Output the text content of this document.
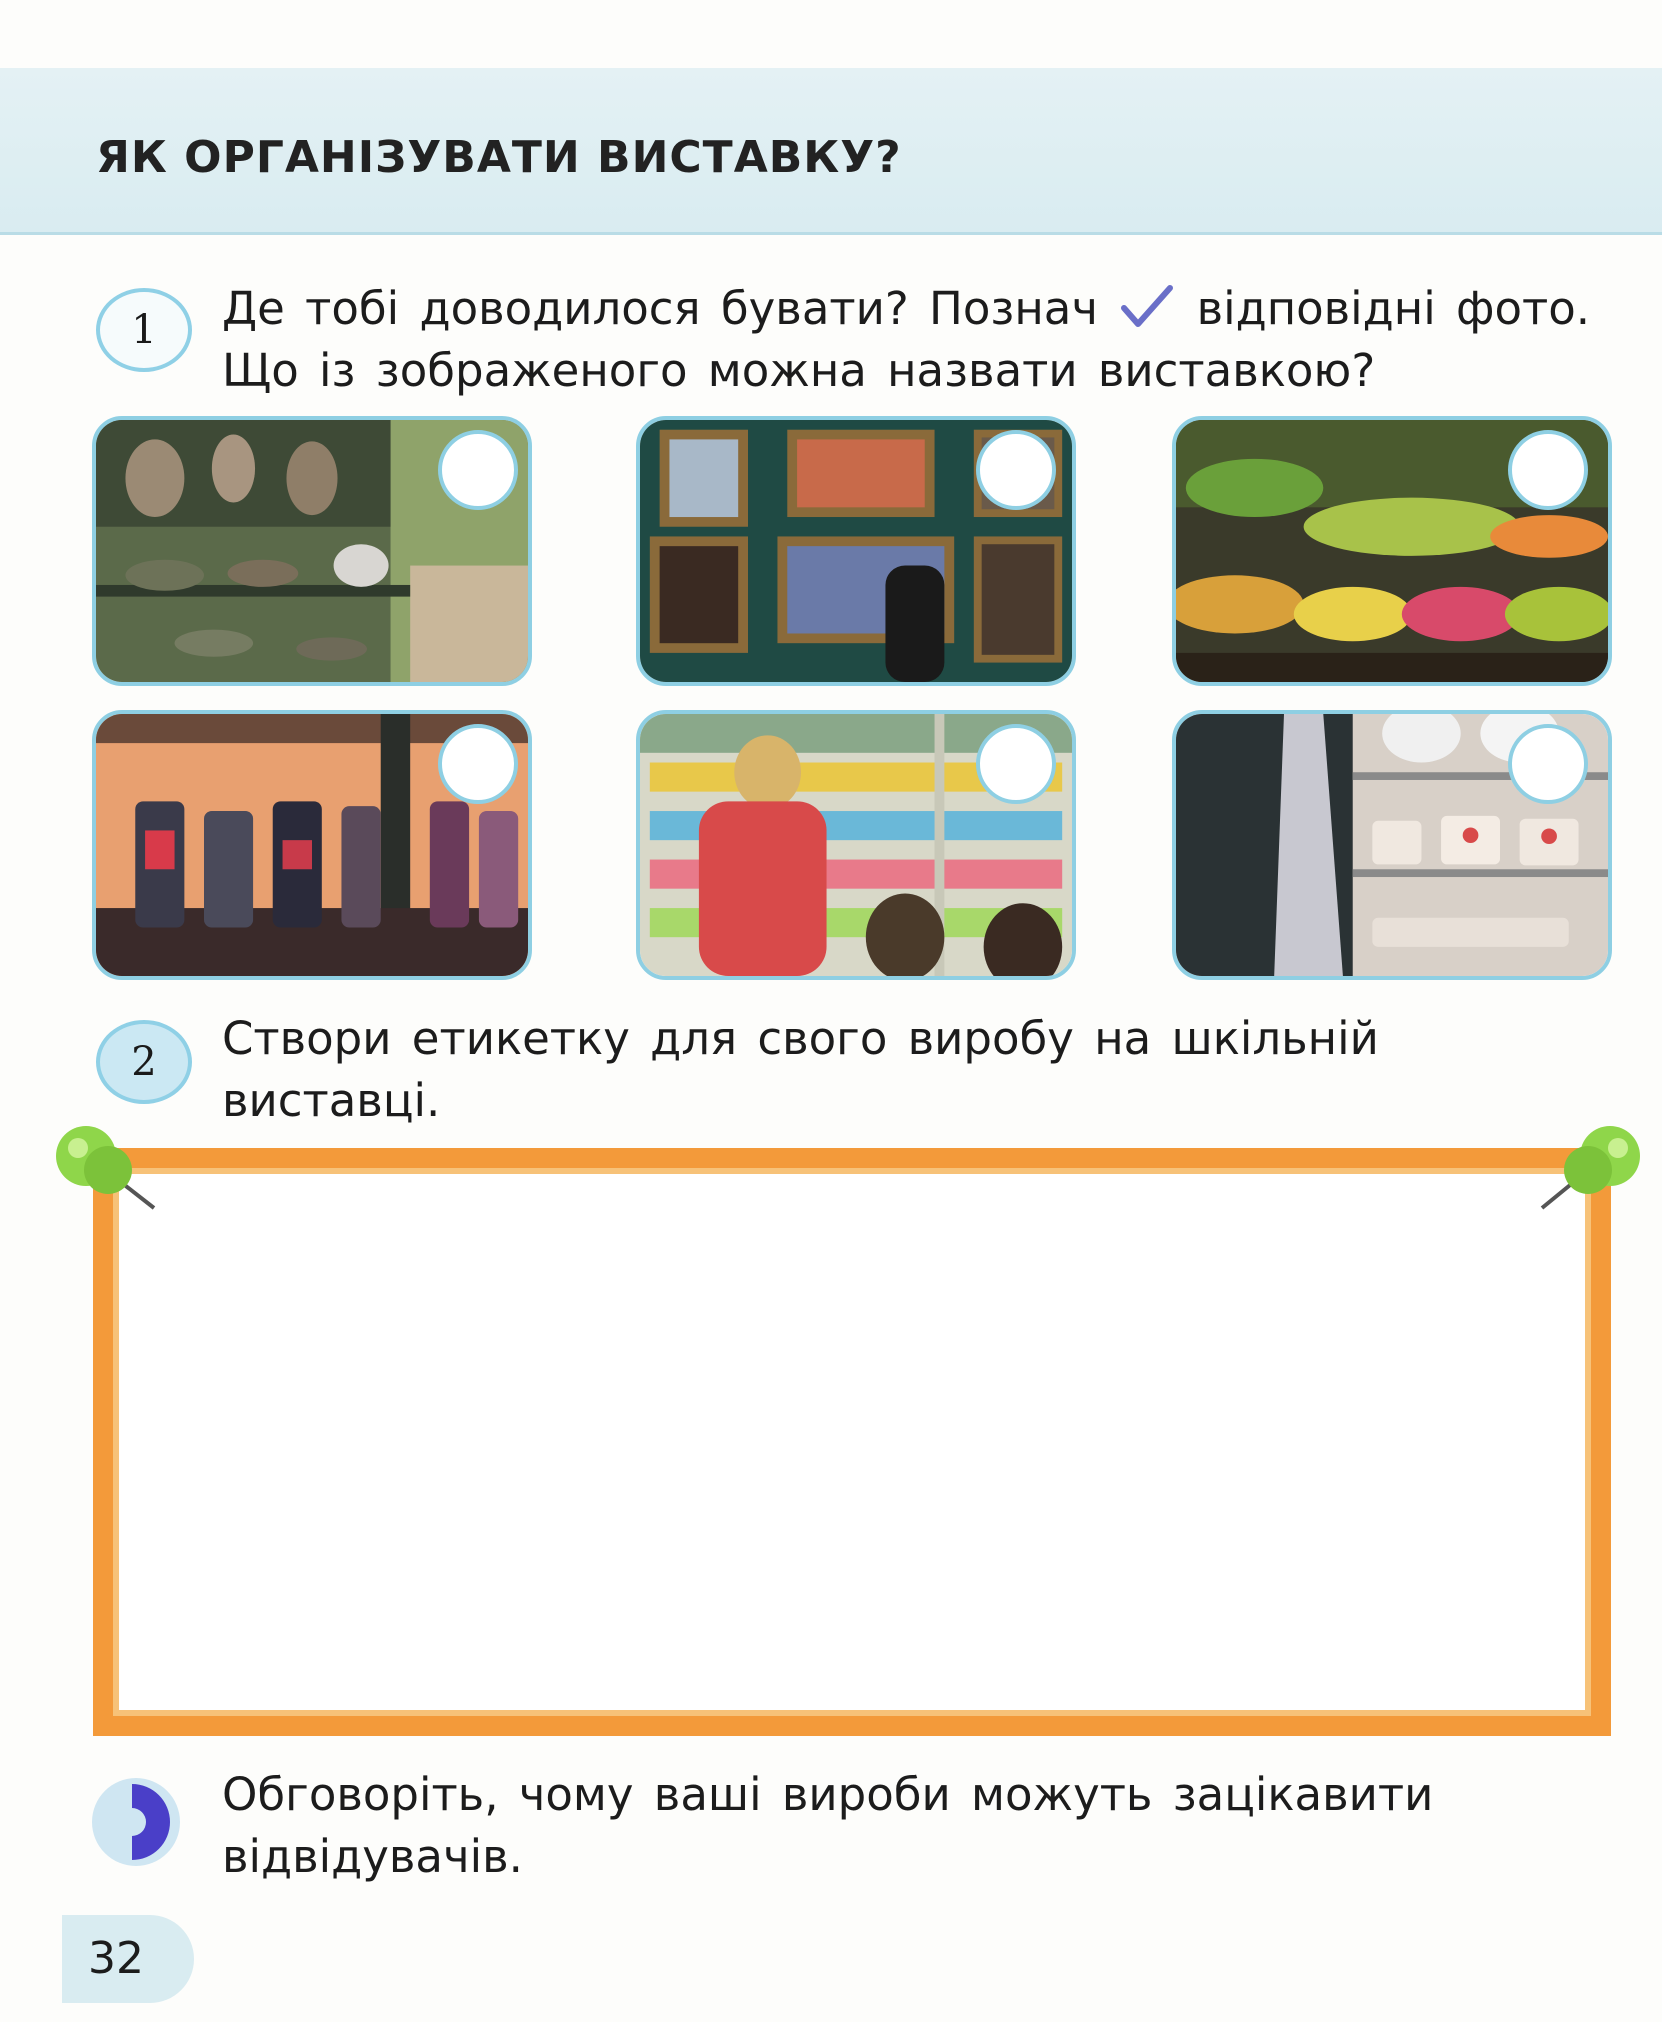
ЯК ОРГАНІЗУВАТИ ВИСТАВКУ?
1 Де тобі доводилося бувати? Познач відповідні фото.
Що із зображеного можна назвати виставкою?
2 Створи етикетку для свого виробу на шкільній
виставці.
Обговоріть, чому ваші вироби можуть зацікавити
відвідувачів.
32
